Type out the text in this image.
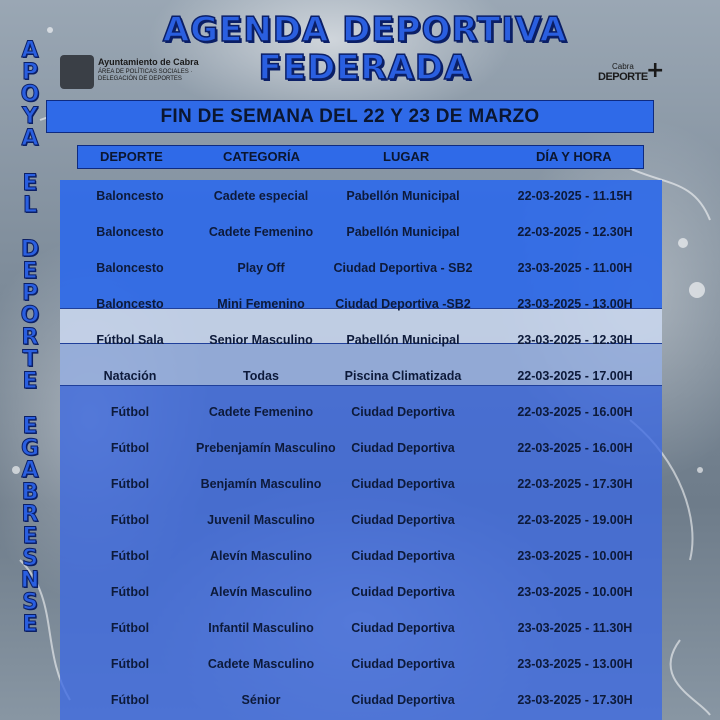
AGENDA DEPORTIVA
FEDERADA
Ayuntamiento de Cabra
ÁREA DE POLÍTICAS SOCIALES · DELEGACIÓN DE DEPORTES
Cabra
DEPORTE
+
A
P
O
Y
A
E
L
D
E
P
O
R
T
E
E
G
A
B
R
E
S
N
S
E
FIN DE SEMANA DEL 22 Y 23 DE MARZO
DEPORTE	CATEGORÍA	LUGAR	DÍA Y HORA
Baloncesto	Cadete especial	Pabellón Municipal	22-03-2025 - 11.15H
Baloncesto	Cadete Femenino	Pabellón Municipal	22-03-2025 - 12.30H
Baloncesto	Play Off	Ciudad Deportiva - SB2	23-03-2025 - 11.00H
Baloncesto	Mini Femenino	Ciudad Deportiva -SB2	23-03-2025 - 13.00H
Fútbol Sala	Senior Masculino	Pabellón Municipal	23-03-2025 - 12.30H
Natación	Todas	Piscina Climatizada	22-03-2025 - 17.00H
Fútbol	Cadete Femenino	Ciudad Deportiva	22-03-2025 - 16.00H
Fútbol	Prebenjamín Masculino	Ciudad Deportiva	22-03-2025 - 16.00H
Fútbol	Benjamín Masculino	Ciudad Deportiva	22-03-2025 - 17.30H
Fútbol	Juvenil Masculino	Ciudad Deportiva	22-03-2025 - 19.00H
Fútbol	Alevín Masculino	Ciudad Deportiva	23-03-2025 - 10.00H
Fútbol	Alevín Masculino	Cuidad Deportiva	23-03-2025 - 10.00H
Fútbol	Infantil Masculino	Ciudad Deportiva	23-03-2025 - 11.30H
Fútbol	Cadete Masculino	Ciudad Deportiva	23-03-2025 - 13.00H
Fútbol	Sénior	Ciudad Deportiva	23-03-2025 - 17.30H
